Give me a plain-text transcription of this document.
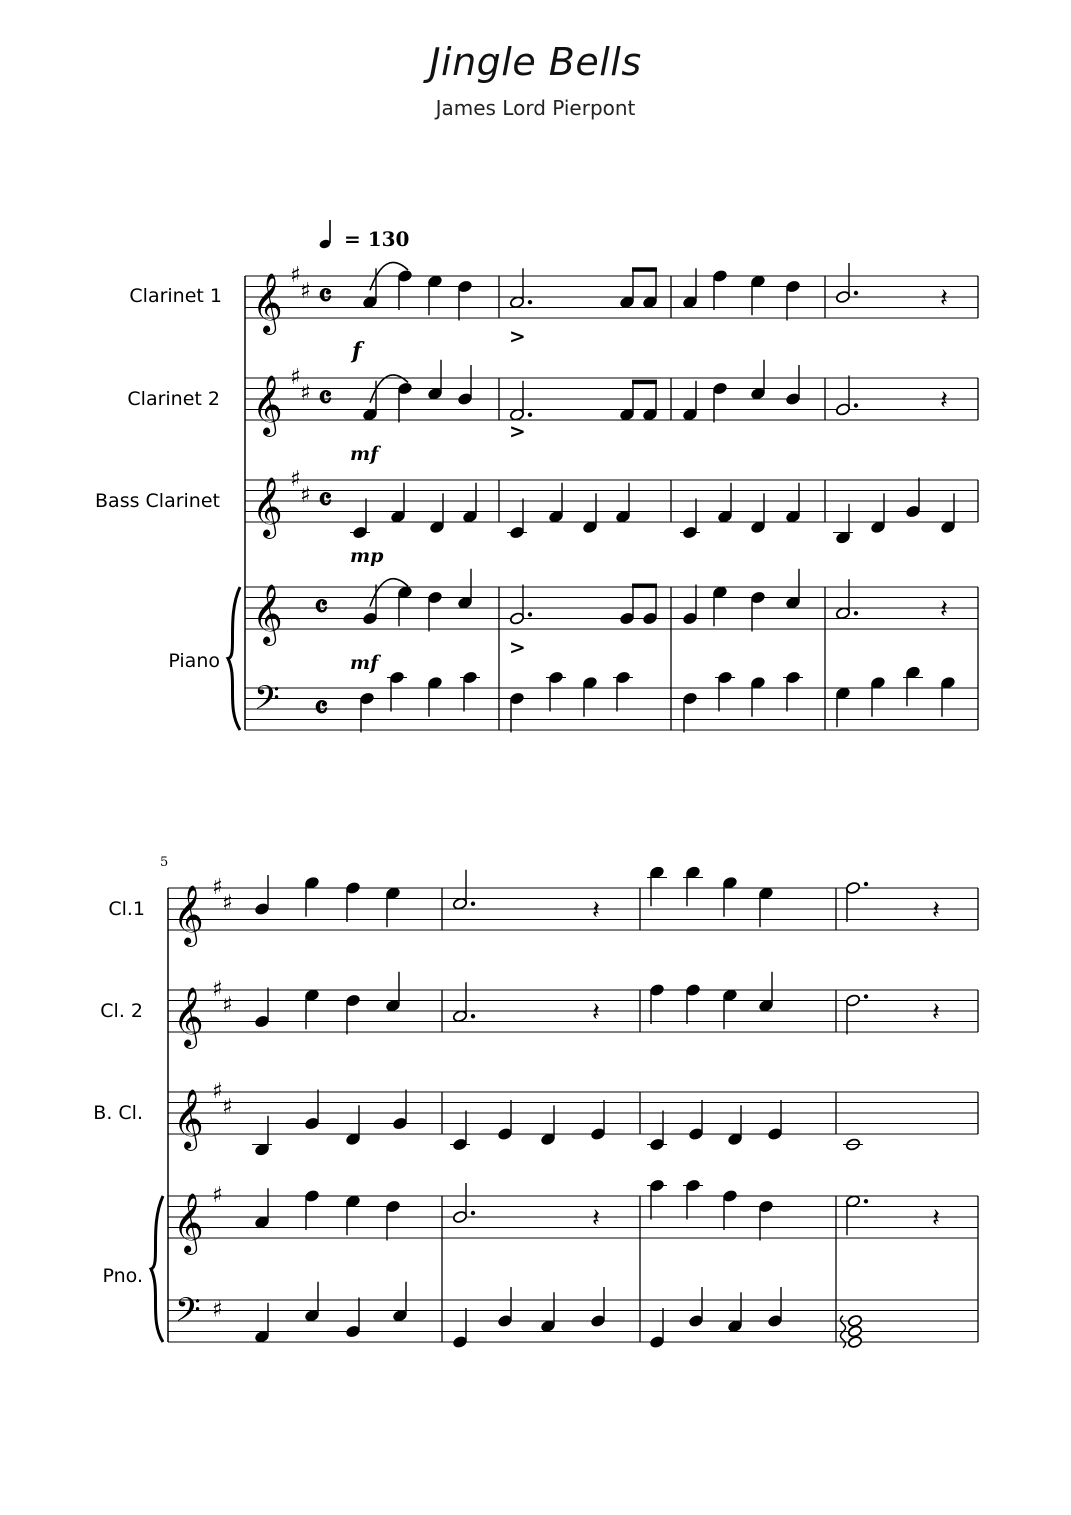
Jingle Bells
James Lord Pierpont
= 130
Clarinet 1
Clarinet 2
Bass Clarinet
Piano
f
mf
mp
mf
5
Cl.1
Cl. 2
B. Cl.
Pno.
𝄞
𝄞
𝄞
𝄞
𝄢
♯
♯
♯
♯
♯
♯
𝄴
𝄴
𝄴
𝄴
𝄴
>
𝄽
>
𝄽
>
𝄽
𝄞
𝄞
𝄞
𝄞
𝄢
♯
♯
♯
♯
♯
♯
♯
♯
𝄽	𝄽
𝄽	𝄽
𝄽	𝄽
